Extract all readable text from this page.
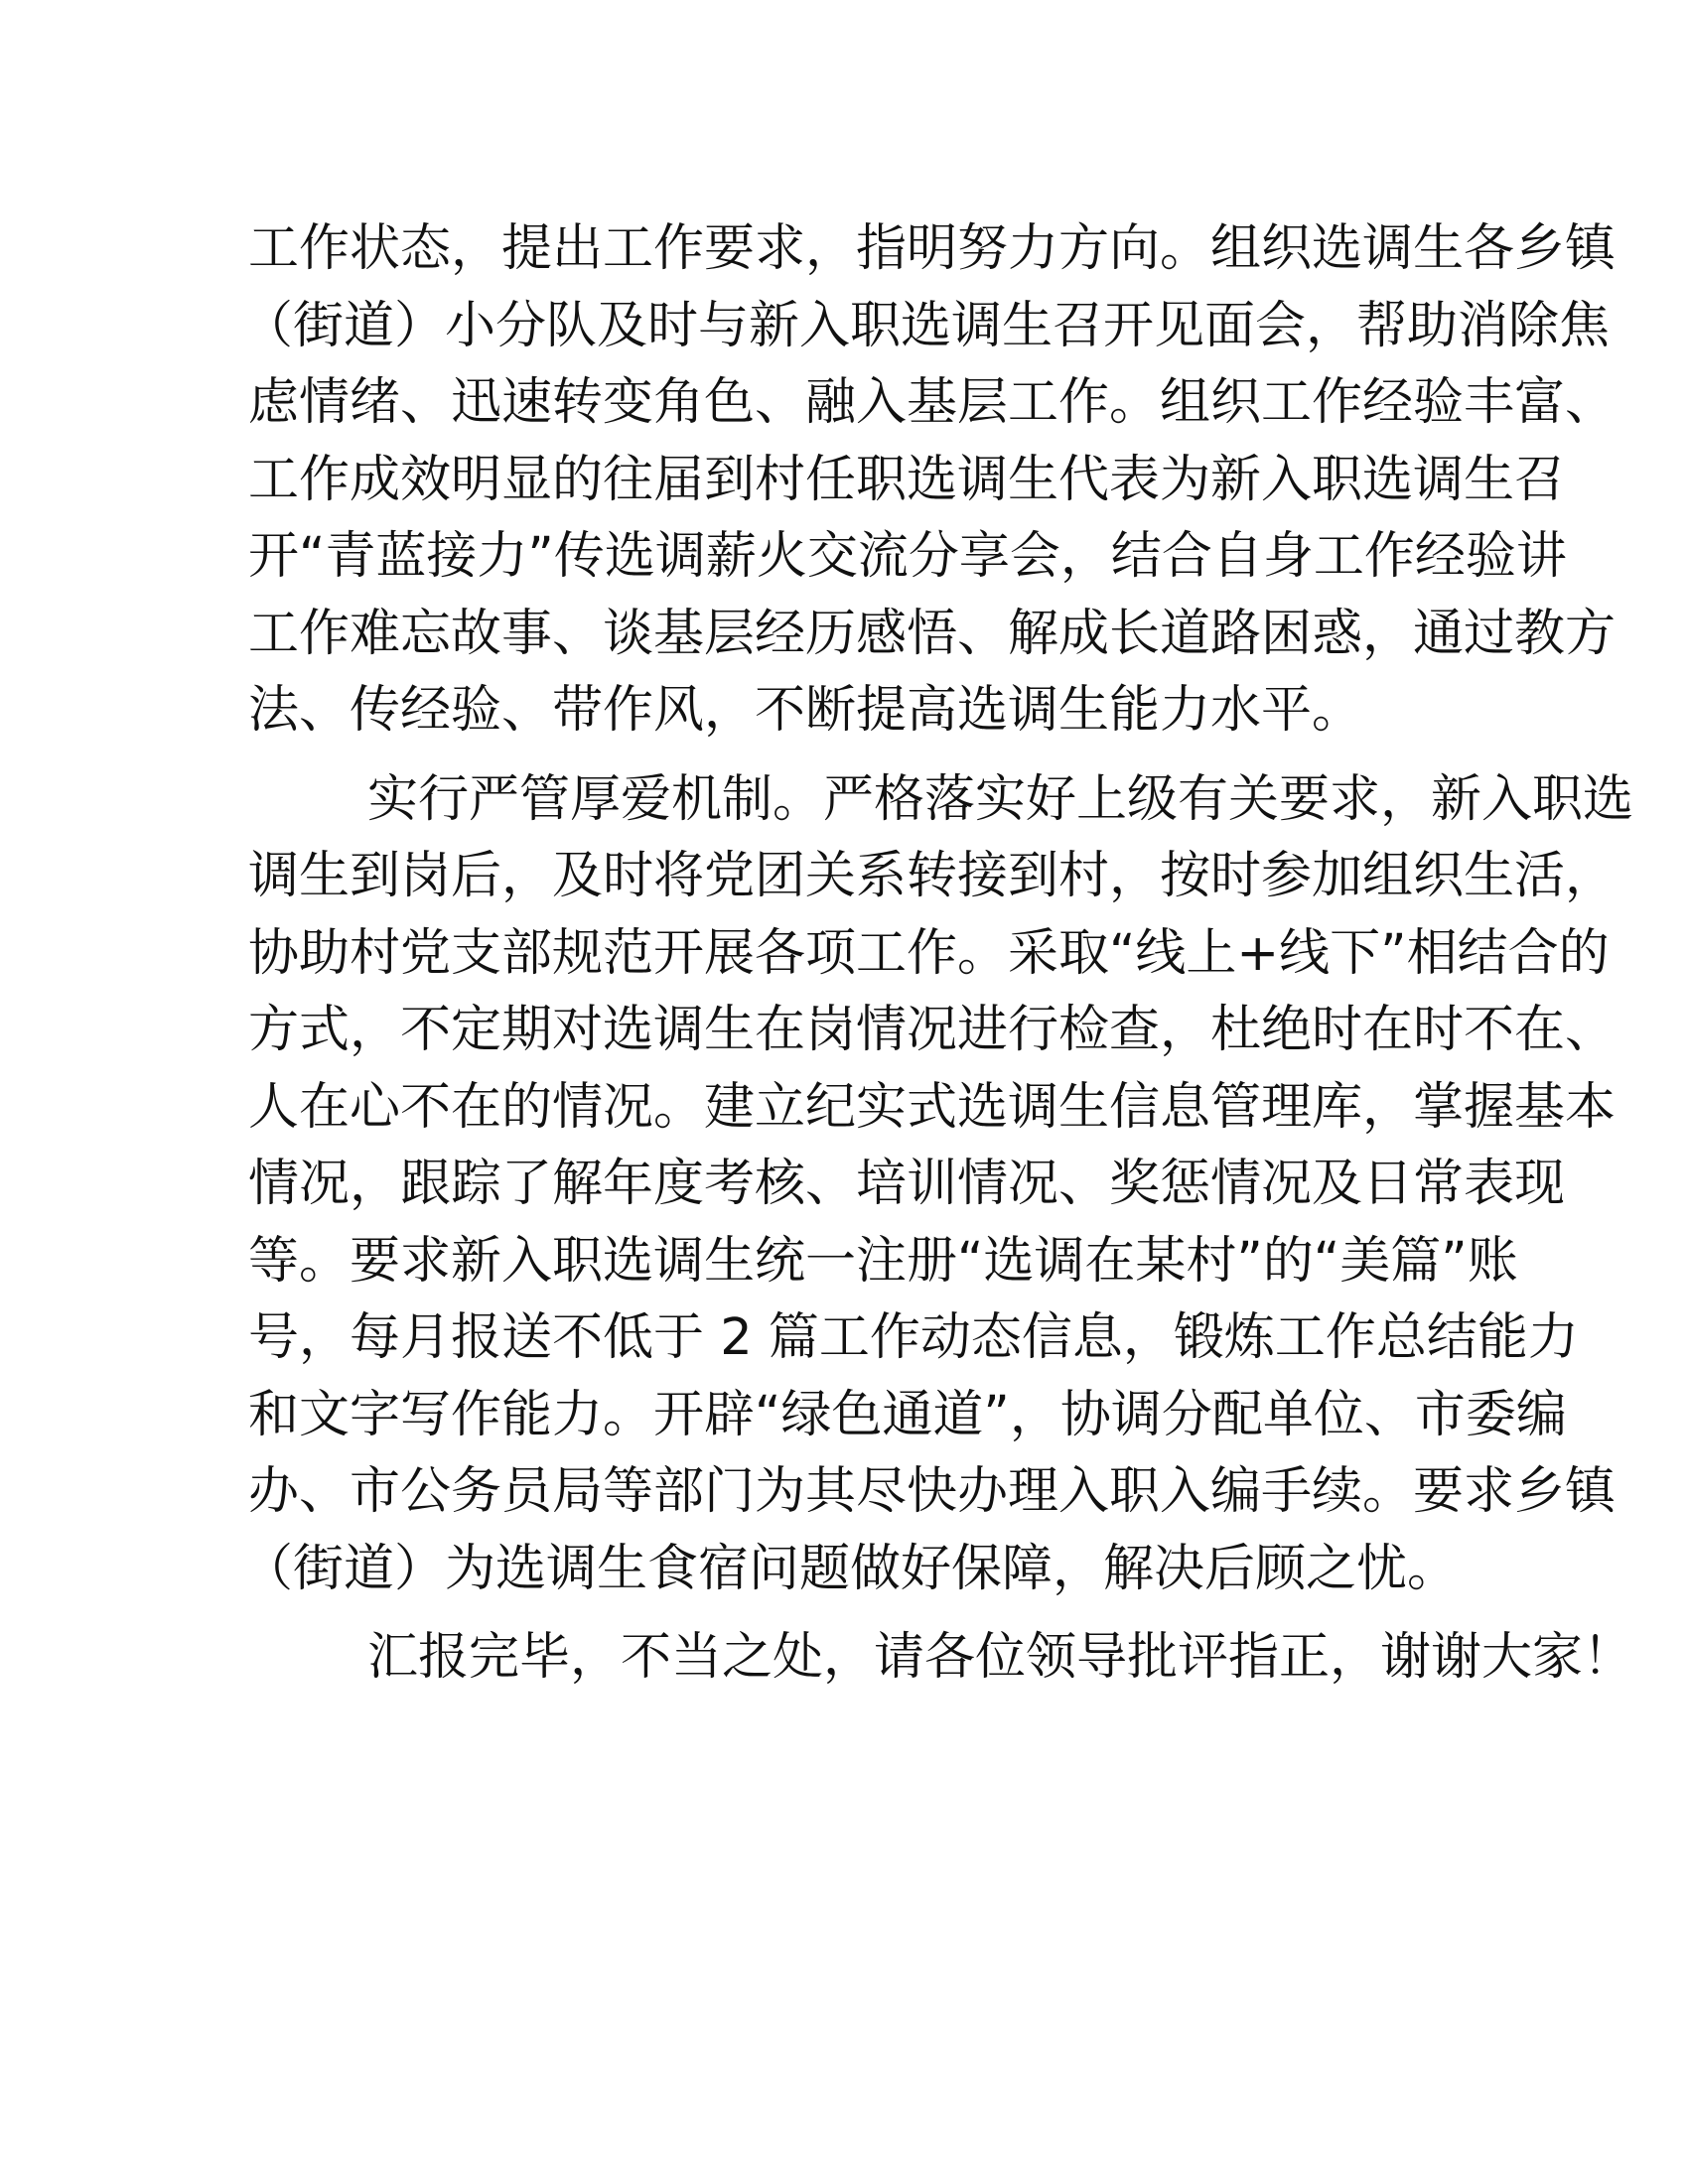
工作状态，提出工作要求，指明努力方向。组织选调生各乡镇
（街道）小分队及时与新入职选调生召开见面会，帮助消除焦
虑情绪、迅速转变角色、融入基层工作。组织工作经验丰富、
工作成效明显的往届到村任职选调生代表为新入职选调生召
开“青蓝接力”传选调薪火交流分享会，结合自身工作经验讲
工作难忘故事、谈基层经历感悟、解成长道路困惑，通过教方
法、传经验、带作风，不断提高选调生能力水平。
实行严管厚爱机制。严格落实好上级有关要求，新入职选
调生到岗后，及时将党团关系转接到村，按时参加组织生活，
协助村党支部规范开展各项工作。采取“线上+线下”相结合的
方式，不定期对选调生在岗情况进行检查，杜绝时在时不在、
人在心不在的情况。建立纪实式选调生信息管理库，掌握基本
情况，跟踪了解年度考核、培训情况、奖惩情况及日常表现
等。要求新入职选调生统一注册“选调在某村”的“美篇”账
号，每月报送不低于 2 篇工作动态信息，锻炼工作总结能力
和文字写作能力。开辟“绿色通道”，协调分配单位、市委编
办、市公务员局等部门为其尽快办理入职入编手续。要求乡镇
（街道）为选调生食宿问题做好保障，解决后顾之忧。
汇报完毕，不当之处，请各位领导批评指正，谢谢大家！
